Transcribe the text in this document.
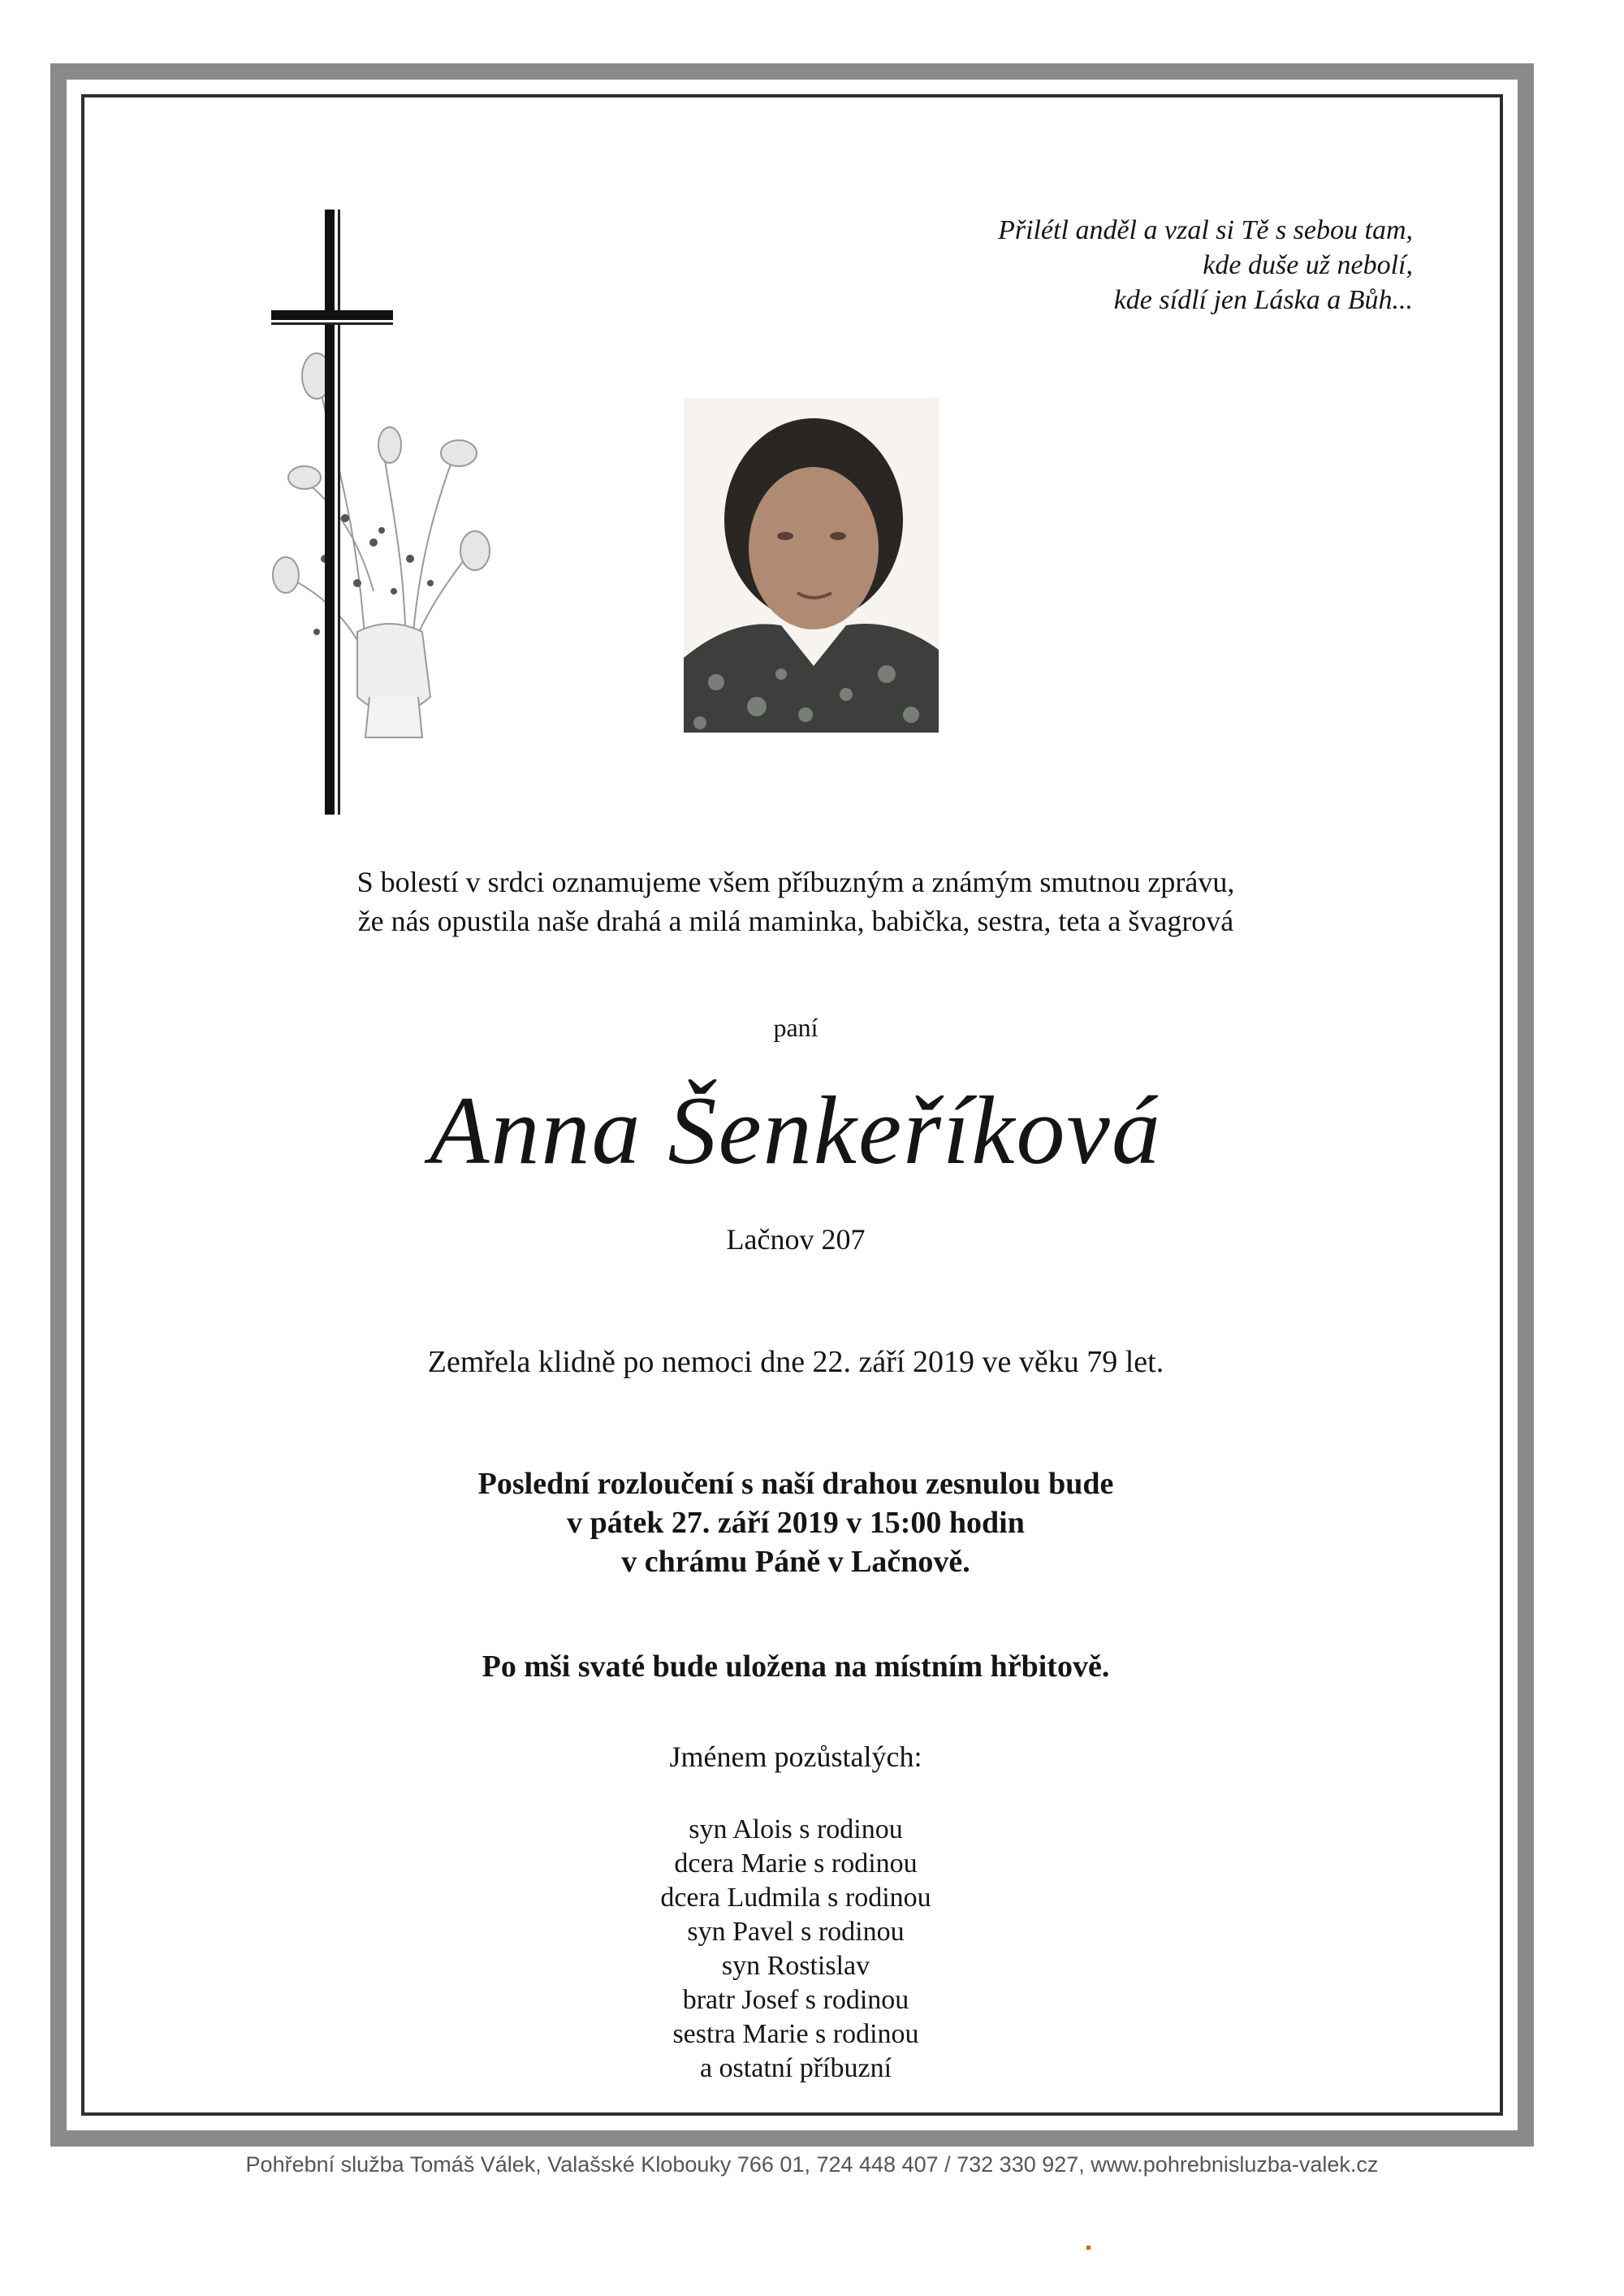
Přilétl anděl a vzal si Tě s sebou tam,
kde duše už nebolí,
kde sídlí jen Láska a Bůh...
S bolestí v srdci oznamujeme všem příbuzným a známým smutnou zprávu,
že nás opustila naše drahá a milá maminka, babička, sestra, teta a švagrová
paní
Anna Šenkeříková
Lačnov 207
Zemřela klidně po nemoci dne 22. září 2019 ve věku 79 let.
Poslední rozloučení s naší drahou zesnulou bude
v pátek 27. září 2019 v 15:00 hodin
v chrámu Páně v Lačnově.
Po mši svaté bude uložena na místním hřbitově.
Jménem pozůstalých:
syn Alois s rodinou
dcera Marie s rodinou
dcera Ludmila s rodinou
syn Pavel s rodinou
syn Rostislav
bratr Josef s rodinou
sestra Marie s rodinou
a ostatní příbuzní
Pohřební služba Tomáš Válek, Valašské Klobouky 766 01, 724 448 407 / 732 330 927, www.pohrebnisluzba-valek.cz
